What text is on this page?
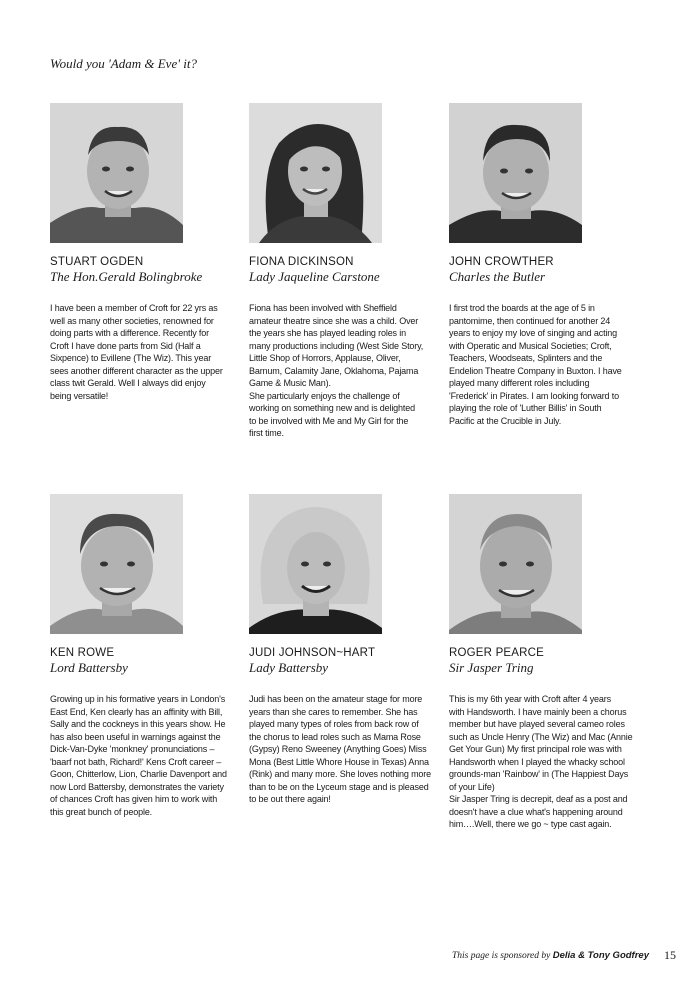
Would you 'Adam & Eve' it?
STUART OGDEN
The Hon.Gerald Bolingbroke
I have been a member of Croft for 22 yrs as
well as many other societies, renowned for
doing parts with a difference. Recently for
Croft I have done parts from Sid (Half a
Sixpence) to Evillene (The Wiz). This year
sees another different character as the upper
class twit Gerald. Well I always did enjoy
being versatile!
FIONA DICKINSON
Lady Jaqueline Carstone
Fiona has been involved with Sheffield
amateur theatre since she was a child. Over
the years she has played leading roles in
many productions including (West Side Story,
Little Shop of Horrors, Applause, Oliver,
Barnum, Calamity Jane, Oklahoma, Pajama
Game & Music Man).
She particularly enjoys the challenge of
working on something new and is delighted
to be involved with Me and My Girl for the
first time.
JOHN CROWTHER
Charles the Butler
I first trod the boards at the age of 5 in
pantomime, then continued for another 24
years to enjoy my love of singing and acting
with Operatic and Musical Societies; Croft,
Teachers, Woodseats, Splinters and the
Endelion Theatre Company in Buxton. I have
played many different roles including
'Frederick' in Pirates. I am looking forward to
playing the role of 'Luther Billis' in South
Pacific at the Crucible in July.
KEN ROWE
Lord Battersby
Growing up in his formative years in London's
East End, Ken clearly has an affinity with Bill,
Sally and the cockneys in this years show. He
has also been useful in warnings against the
Dick-Van-Dyke 'monkney' pronunciations –
'baarf not bath, Richard!' Kens Croft career –
Goon, Chitterlow, Lion, Charlie Davenport and
now Lord Battersby, demonstrates the variety
of chances Croft has given him to work with
this great bunch of people.
JUDI JOHNSON~HART
Lady Battersby
Judi has been on the amateur stage for more
years than she cares to remember. She has
played many types of roles from back row of
the chorus to lead roles such as Mama Rose
(Gypsy) Reno Sweeney (Anything Goes) Miss
Mona (Best Little Whore House in Texas) Anna
(Rink) and many more. She loves nothing more
than to be on the Lyceum stage and is pleased
to be out there again!
ROGER PEARCE
Sir Jasper Tring
This is my 6th year with Croft after 4 years
with Handsworth. I have mainly been a chorus
member but have played several cameo roles
such as Uncle Henry (The Wiz) and Mac (Annie
Get Your Gun) My first principal role was with
Handsworth when I played the whacky school
grounds-man 'Rainbow' in (The Happiest Days
of your Life)
Sir Jasper Tring is decrepit, deaf as a post and
doesn't have a clue what's happening around
him….Well, there we go ~ type cast again.
This page is sponsored by Delia & Tony Godfrey 15
